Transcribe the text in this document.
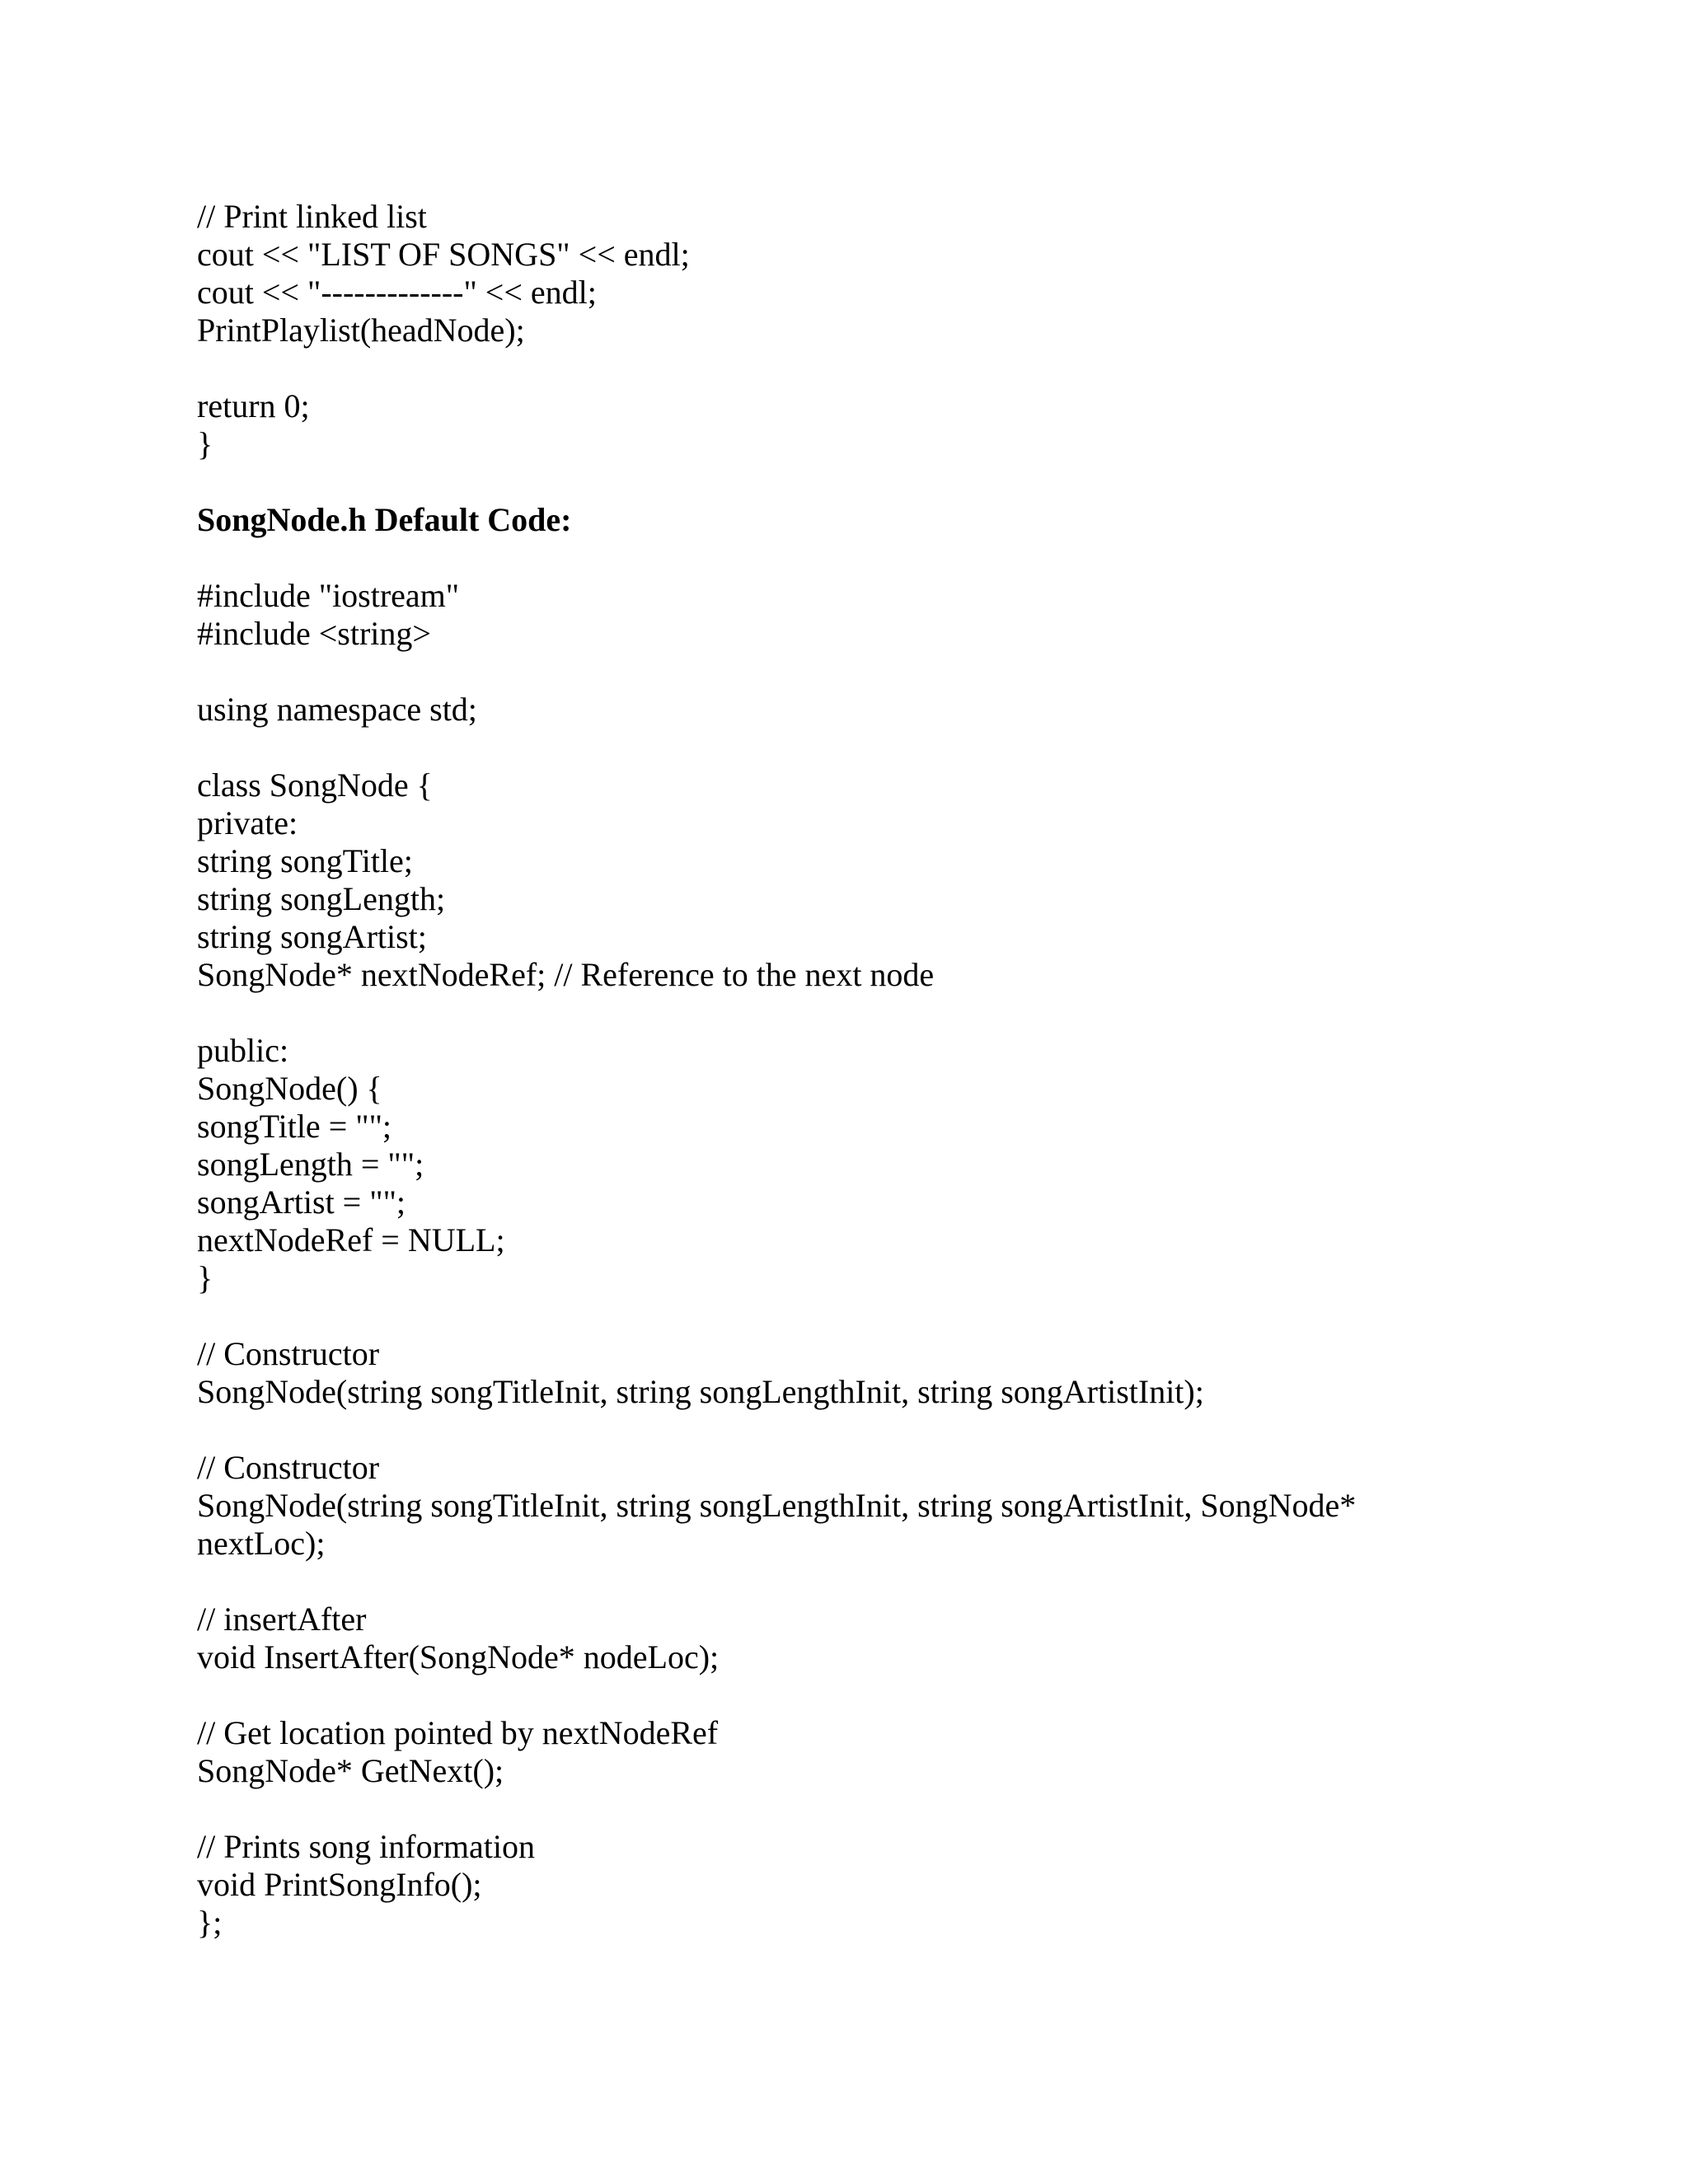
// Print linked list
cout << "LIST OF SONGS" << endl;
cout << "-------------" << endl;
PrintPlaylist(headNode);
return 0;
}
SongNode.h Default Code:
#include "iostream"
#include <string>
using namespace std;
class SongNode {
private:
string songTitle;
string songLength;
string songArtist;
SongNode* nextNodeRef; // Reference to the next node
public:
SongNode() {
songTitle = "";
songLength = "";
songArtist = "";
nextNodeRef = NULL;
}
// Constructor
SongNode(string songTitleInit, string songLengthInit, string songArtistInit);
// Constructor
SongNode(string songTitleInit, string songLengthInit, string songArtistInit, SongNode*
nextLoc);
// insertAfter
void InsertAfter(SongNode* nodeLoc);
// Get location pointed by nextNodeRef
SongNode* GetNext();
// Prints song information
void PrintSongInfo();
};
